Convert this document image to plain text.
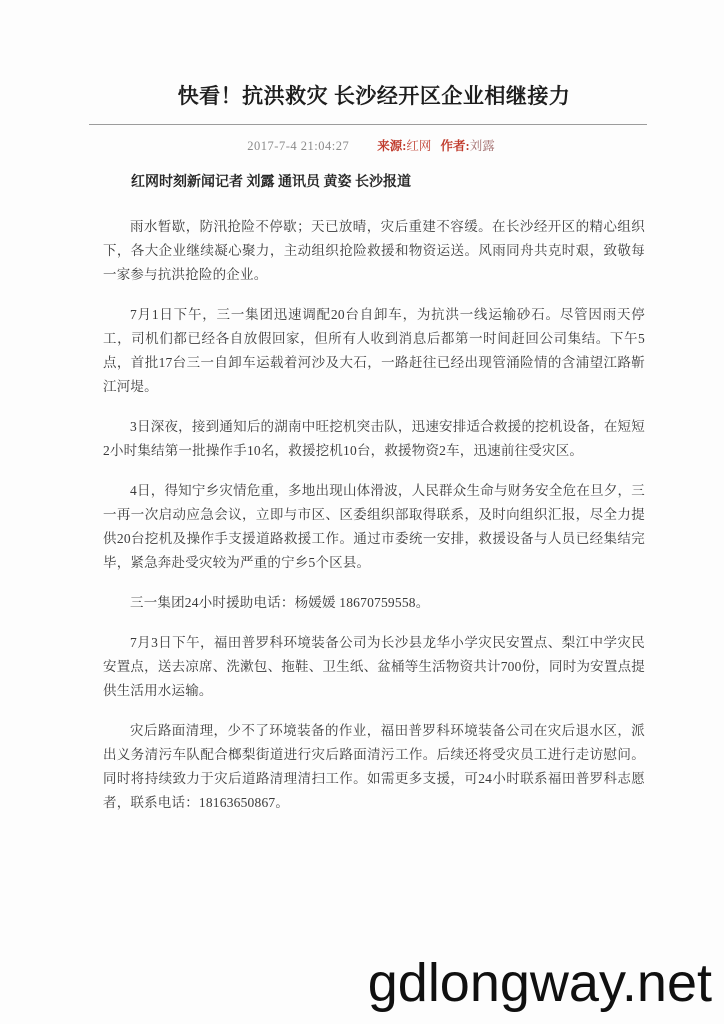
快看！抗洪救灾 长沙经开区企业相继接力
2017-7-4 21:04:27 来源:红网 作者:刘露

红网时刻新闻记者 刘露 通讯员 黄姿 长沙报道

雨水暂歇，防汛抢险不停歇；天已放晴，灾后重建不容缓。在长沙经开区的精心组织下，各大企业继续凝心聚力，主动组织抢险救援和物资运送。风雨同舟共克时艰，致敬每一家参与抗洪抢险的企业。

7月1日下午，三一集团迅速调配20台自卸车，为抗洪一线运输砂石。尽管因雨天停工，司机们都已经各自放假回家，但所有人收到消息后都第一时间赶回公司集结。下午5点，首批17台三一自卸车运载着河沙及大石，一路赶往已经出现管涌险情的含浦望江路靳江河堤。

3日深夜，接到通知后的湖南中旺挖机突击队，迅速安排适合救援的挖机设备，在短短2小时集结第一批操作手10名，救援挖机10台，救援物资2车，迅速前往受灾区。

4日，得知宁乡灾情危重，多地出现山体滑波，人民群众生命与财务安全危在旦夕，三一再一次启动应急会议，立即与市区、区委组织部取得联系，及时向组织汇报，尽全力提供20台挖机及操作手支援道路救援工作。通过市委统一安排，救援设备与人员已经集结完毕，紧急奔赴受灾较为严重的宁乡5个区县。

三一集团24小时援助电话：杨媛媛 18670759558。

7月3日下午，福田普罗科环境装备公司为长沙县龙华小学灾民安置点、梨江中学灾民安置点，送去凉席、洗漱包、拖鞋、卫生纸、盆桶等生活物资共计700份，同时为安置点提供生活用水运输。

灾后路面清理，少不了环境装备的作业，福田普罗科环境装备公司在灾后退水区，派出义务清污车队配合榔梨街道进行灾后路面清污工作。后续还将受灾员工进行走访慰问。同时将持续致力于灾后道路清理清扫工作。如需更多支援，可24小时联系福田普罗科志愿者，联系电话：18163650867。

gdlongway.net
